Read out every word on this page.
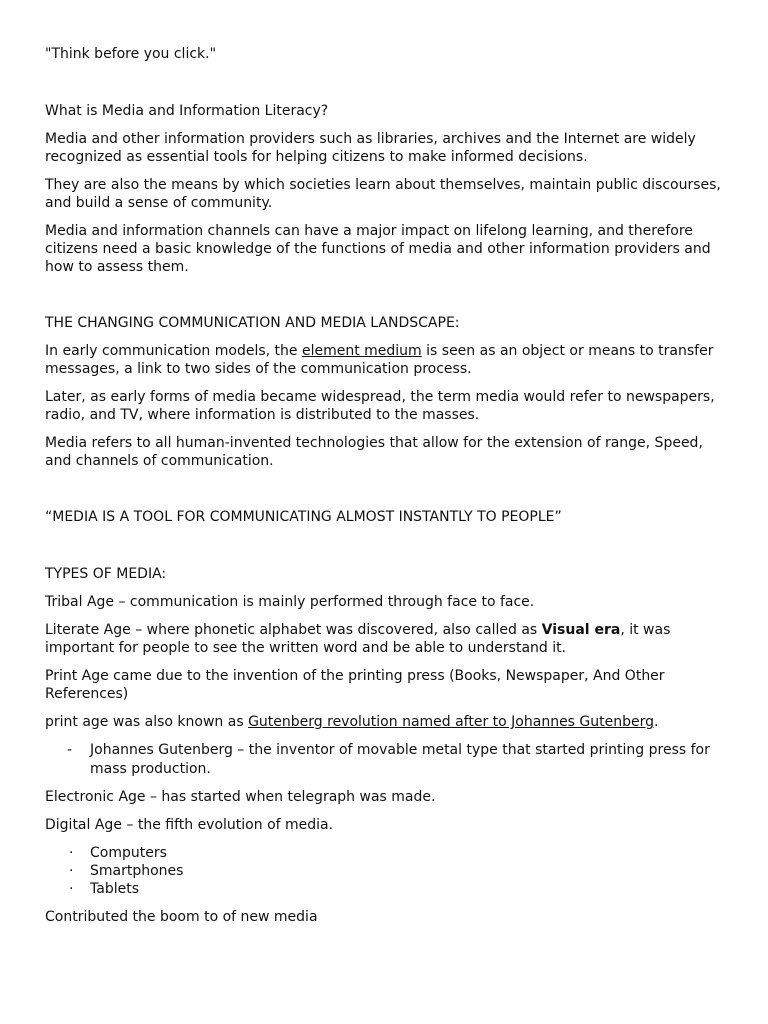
"Think before you click."
What is Media and Information Literacy?
Media and other information providers such as libraries, archives and the Internet are widely
recognized as essential tools for helping citizens to make informed decisions.
They are also the means by which societies learn about themselves, maintain public discourses,
and build a sense of community.
Media and information channels can have a major impact on lifelong learning, and therefore
citizens need a basic knowledge of the functions of media and other information providers and
how to assess them.
THE CHANGING COMMUNICATION AND MEDIA LANDSCAPE:
In early communication models, the element medium is seen as an object or means to transfer
messages, a link to two sides of the communication process.
Later, as early forms of media became widespread, the term media would refer to newspapers,
radio, and TV, where information is distributed to the masses.
Media refers to all human-invented technologies that allow for the extension of range, Speed,
and channels of communication.
“MEDIA IS A TOOL FOR COMMUNICATING ALMOST INSTANTLY TO PEOPLE”
TYPES OF MEDIA:
Tribal Age – communication is mainly performed through face to face.
Literate Age – where phonetic alphabet was discovered, also called as Visual era, it was
important for people to see the written word and be able to understand it.
Print Age came due to the invention of the printing press (Books, Newspaper, And Other
References)
print age was also known as Gutenberg revolution named after to Johannes Gutenberg.
- Johannes Gutenberg – the inventor of movable metal type that started printing press for
mass production.
Electronic Age – has started when telegraph was made.
Digital Age – the fifth evolution of media.
· Computers
· Smartphones
· Tablets
Contributed the boom to of new media
